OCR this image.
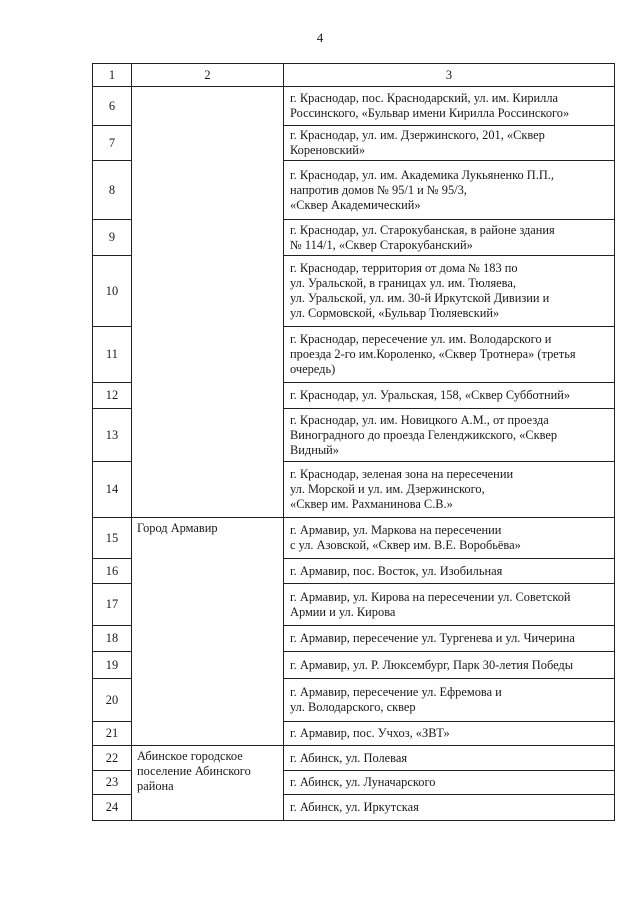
4
1	2	3
6		г. Краснодар, пос. Краснодарский, ул. им. Кирилла
Россинского, «Бульвар имени Кирилла Россинского»

7		г. Краснодар, ул. им. Дзержинского, 201, «Сквер
Кореновский»

8		г. Краснодар, ул. им. Академика Лукьяненко П.П.,
напротив домов № 95/1 и № 95/3,
«Сквер Академический»

9		г. Краснодар, ул. Старокубанская, в районе здания
№ 114/1, «Сквер Старокубанский»

10		г. Краснодар, территория от дома № 183 по
ул. Уральской, в границах ул. им. Тюляева,
ул. Уральской, ул. им. 30-й Иркутской Дивизии и
ул. Сормовской, «Бульвар Тюляевский»

11		г. Краснодар, пересечение ул. им. Володарского и
проезда 2-го им.Короленко, «Сквер Тротнера» (третья
очередь)

12		г. Краснодар, ул. Уральская, 158, «Сквер Субботний»

13		г. Краснодар, ул. им. Новицкого А.М., от проезда
Виноградного до проезда Геленджикского, «Сквер
Видный»

14		г. Краснодар, зеленая зона на пересечении
ул. Морской и ул. им. Дзержинского,
«Сквер им. Рахманинова С.В.»

15	Город Армавир	г. Армавир, ул. Маркова на пересечении
с ул. Азовской, «Сквер им. В.Е. Воробьёва»

16		г. Армавир, пос. Восток, ул. Изобильная

17		г. Армавир, ул. Кирова на пересечении ул. Советской
Армии и ул. Кирова

18		г. Армавир, пересечение ул. Тургенева и ул. Чичерина

19		г. Армавир, ул. Р. Люксембург, Парк 30-летия Победы

20		г. Армавир, пересечение ул. Ефремова и
ул. Володарского, сквер

21		г. Армавир, пос. Учхоз, «ЗВТ»

22	Абинское городское поселение Абинского района	г. Абинск, ул. Полевая

23		г. Абинск, ул. Луначарского

24		г. Абинск, ул. Иркутская
